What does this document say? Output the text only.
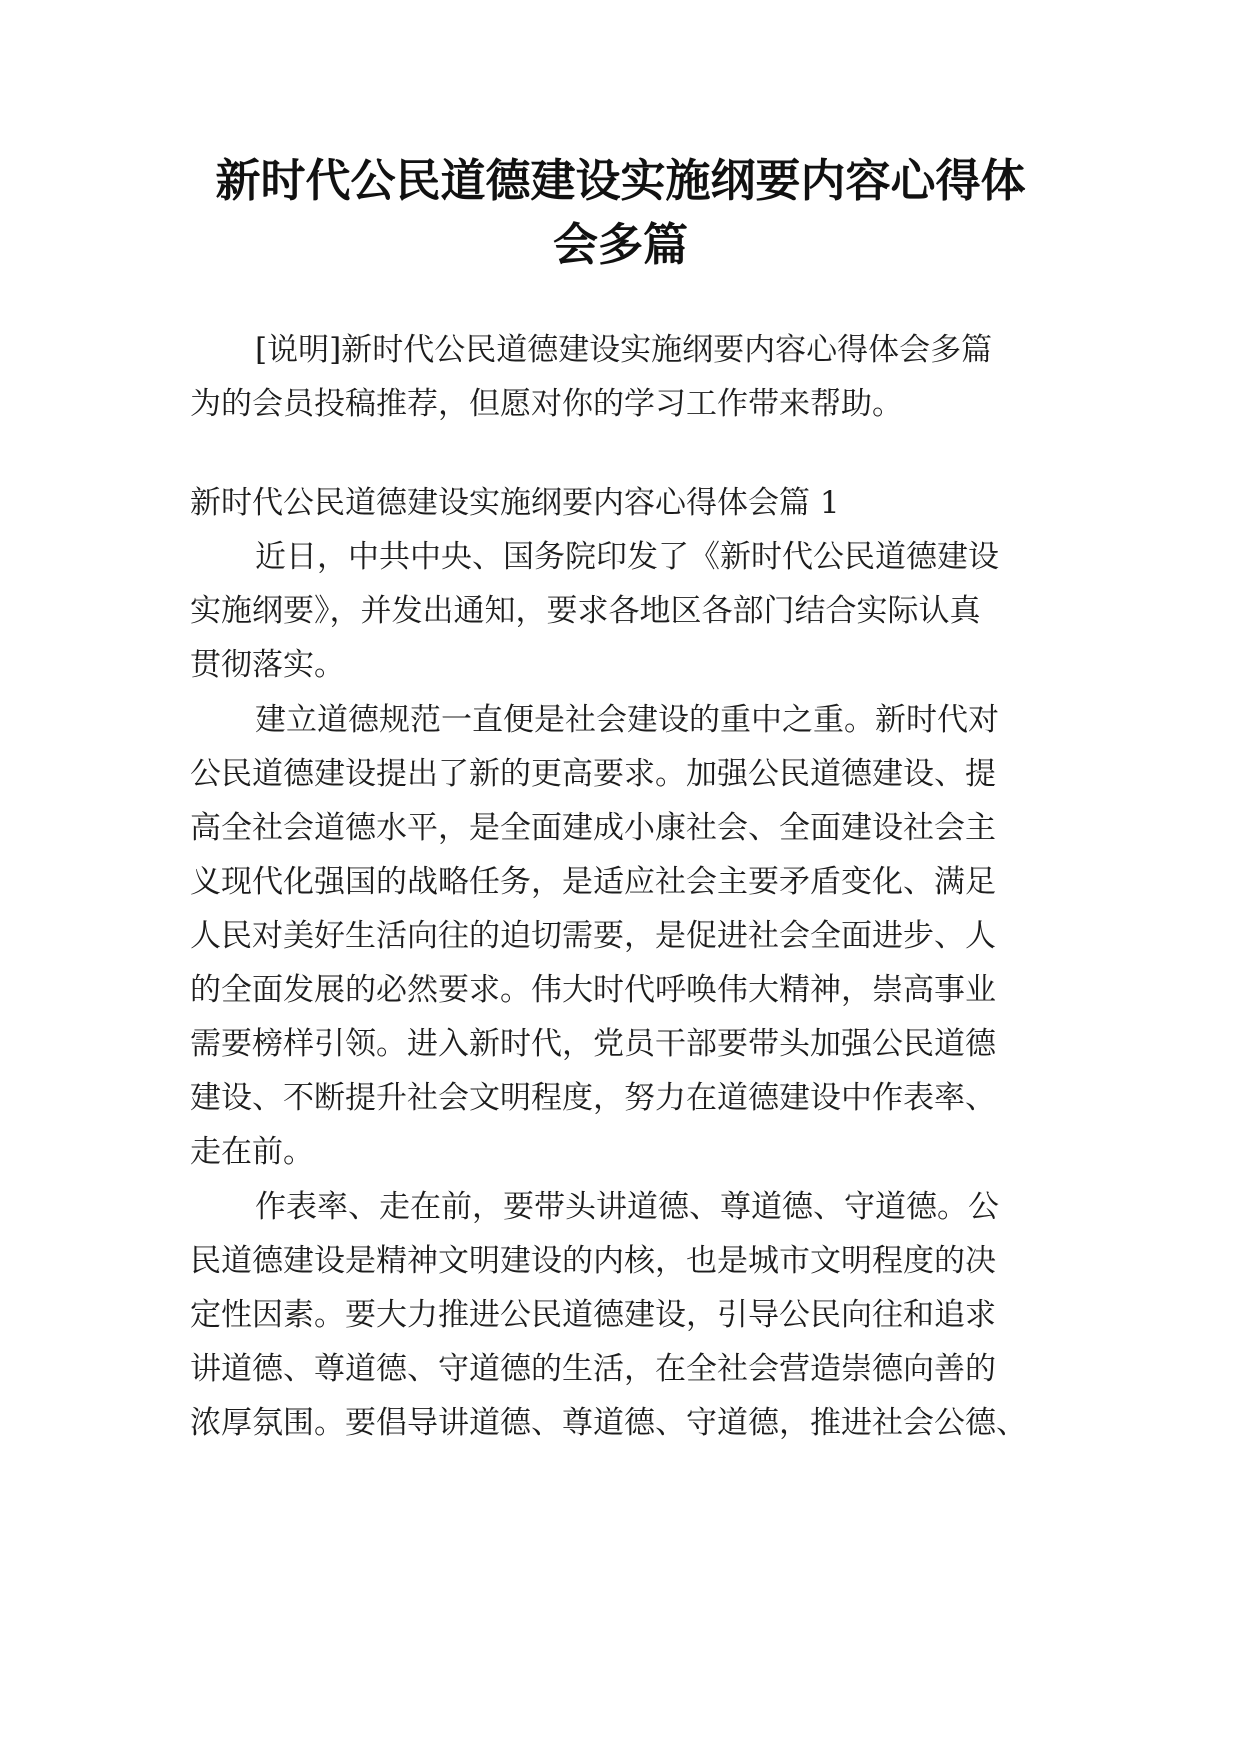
新时代公民道德建设实施纲要内容心得体
会多篇

[说明]新时代公民道德建设实施纲要内容心得体会多篇

为的会员投稿推荐，但愿对你的学习工作带来帮助。

新时代公民道德建设实施纲要内容心得体会篇 1

近日，中共中央、国务院印发了《新时代公民道德建设

实施纲要》，并发出通知，要求各地区各部门结合实际认真

贯彻落实。

建立道德规范一直便是社会建设的重中之重。新时代对

公民道德建设提出了新的更高要求。加强公民道德建设、提

高全社会道德水平，是全面建成小康社会、全面建设社会主

义现代化强国的战略任务，是适应社会主要矛盾变化、满足

人民对美好生活向往的迫切需要，是促进社会全面进步、人

的全面发展的必然要求。伟大时代呼唤伟大精神，崇高事业

需要榜样引领。进入新时代，党员干部要带头加强公民道德

建设、不断提升社会文明程度，努力在道德建设中作表率、

走在前。

作表率、走在前，要带头讲道德、尊道德、守道德。公

民道德建设是精神文明建设的内核，也是城市文明程度的决

定性因素。要大力推进公民道德建设，引导公民向往和追求

讲道德、尊道德、守道德的生活，在全社会营造崇德向善的

浓厚氛围。要倡导讲道德、尊道德、守道德，推进社会公德、
